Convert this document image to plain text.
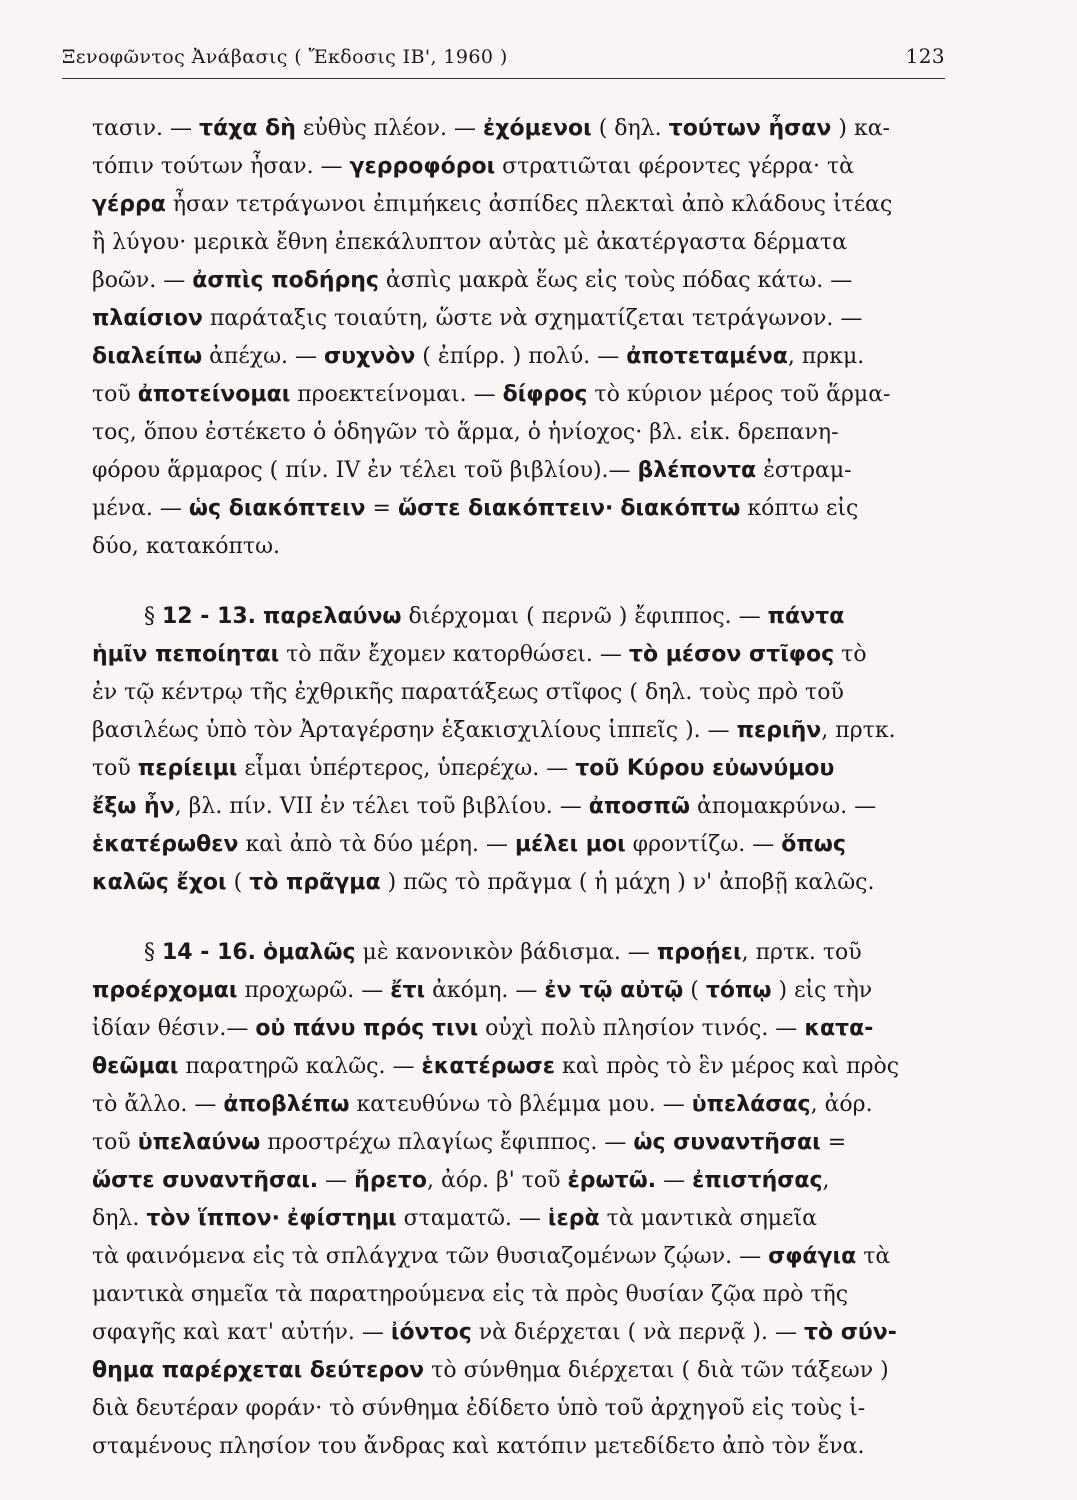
Ξενοφῶντος Ἀνάβασις ( Ἔκδοσις ΙΒ', 1960 )	123
τασιν. — τάχα δὴ εὐθὺς πλέον. — ἐχόμενοι ( δηλ. τούτων ἦσαν ) κα-
τόπιν τούτων ἦσαν. — γερροφόροι στρατιῶται φέροντες γέρρα· τὰ
γέρρα ἦσαν τετράγωνοι ἐπιμήκεις ἀσπίδες πλεκταὶ ἀπὸ κλάδους ἰτέας
ἢ λύγου· μερικὰ ἔθνη ἐπεκάλυπτον αὐτὰς μὲ ἀκατέργαστα δέρματα
βοῶν. — ἀσπὶς ποδήρης ἀσπὶς μακρὰ ἕως εἰς τοὺς πόδας κάτω. —
πλαίσιον παράταξις τοιαύτη, ὥστε νὰ σχηματίζεται τετράγωνον. —
διαλείπω ἀπέχω. — συχνὸν ( ἐπίρρ. ) πολύ. — ἀποτεταμένα, πρκμ.
τοῦ ἀποτείνομαι προεκτείνομαι. — δίφρος τὸ κύριον μέρος τοῦ ἅρμα-
τος, ὅπου ἐστέκετο ὁ ὁδηγῶν τὸ ἅρμα, ὁ ἡνίοχος· βλ. εἰκ. δρεπανη-
φόρου ἅρμαρος ( πίν. IV ἐν τέλει τοῦ βιβλίου).— βλέποντα ἐστραμ-
μένα. — ὡς διακόπτειν = ὥστε διακόπτειν· διακόπτω κόπτω εἰς
δύο, κατακόπτω.
§ 12 - 13. παρελαύνω διέρχομαι ( περνῶ ) ἔφιππος. — πάντα
ἡμῖν πεποίηται τὸ πᾶν ἔχομεν κατορθώσει. — τὸ μέσον στῖφος τὸ
ἐν τῷ κέντρῳ τῆς ἐχθρικῆς παρατάξεως στῖφος ( δηλ. τοὺς πρὸ τοῦ
βασιλέως ὑπὸ τὸν Ἀρταγέρσην ἑξακισχιλίους ἱππεῖς ). — περιῆν, πρτκ.
τοῦ περίειμι εἶμαι ὑπέρτερος, ὑπερέχω. — τοῦ Κύρου εὐωνύμου
ἔξω ἦν, βλ. πίν. VII ἐν τέλει τοῦ βιβλίου. — ἀποσπῶ ἀπομακρύνω. —
ἑκατέρωθεν καὶ ἀπὸ τὰ δύο μέρη. — μέλει μοι φροντίζω. — ὅπως
καλῶς ἔχοι ( τὸ πρᾶγμα ) πῶς τὸ πρᾶγμα ( ἡ μάχη ) ν' ἀποβῇ καλῶς.
§ 14 - 16. ὁμαλῶς μὲ κανονικὸν βάδισμα. — προῄει, πρτκ. τοῦ
προέρχομαι προχωρῶ. — ἔτι ἀκόμη. — ἐν τῷ αὐτῷ ( τόπῳ ) εἰς τὴν
ἰδίαν θέσιν.— οὐ πάνυ πρός τινι οὐχὶ πολὺ πλησίον τινός. — κατα-
θεῶμαι παρατηρῶ καλῶς. — ἑκατέρωσε καὶ πρὸς τὸ ἓν μέρος καὶ πρὸς
τὸ ἄλλο. — ἀποβλέπω κατευθύνω τὸ βλέμμα μου. — ὑπελάσας, ἀόρ.
τοῦ ὑπελαύνω προστρέχω πλαγίως ἔφιππος. — ὡς συναντῆσαι =
ὥστε συναντῆσαι. — ἤρετο, ἀόρ. β' τοῦ ἐρωτῶ. — ἐπιστήσας,
δηλ. τὸν ἵππον· ἐφίστημι σταματῶ. — ἱερὰ τὰ μαντικὰ σημεῖα
τὰ φαινόμενα εἰς τὰ σπλάγχνα τῶν θυσιαζομένων ζῴων. — σφάγια τὰ
μαντικὰ σημεῖα τὰ παρατηρούμενα εἰς τὰ πρὸς θυσίαν ζῷα πρὸ τῆς
σφαγῆς καὶ κατ' αὐτήν. — ἰόντος νὰ διέρχεται ( νὰ περνᾷ ). — τὸ σύν-
θημα παρέρχεται δεύτερον τὸ σύνθημα διέρχεται ( διὰ τῶν τάξεων )
διὰ δευτέραν φοράν· τὸ σύνθημα ἐδίδετο ὑπὸ τοῦ ἀρχηγοῦ εἰς τοὺς ἱ-
σταμένους πλησίον του ἄνδρας καὶ κατόπιν μετεδίδετο ἀπὸ τὸν ἕνα.
